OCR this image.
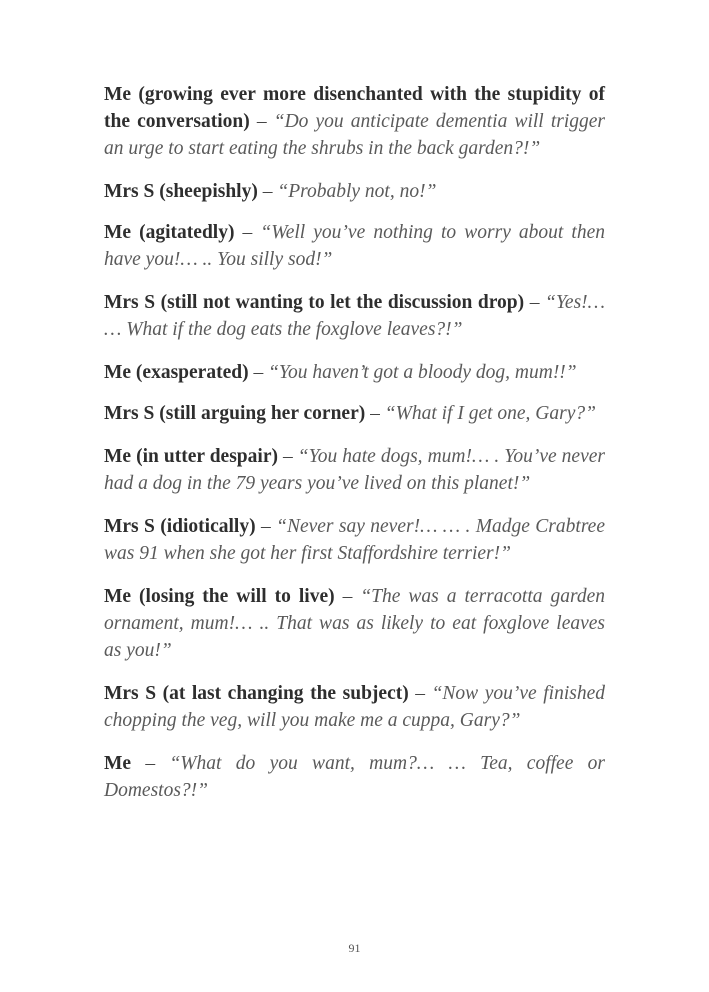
Me (growing ever more disenchanted with the stupidity of the conversation) – “Do you anticipate dementia will trigger an urge to start eating the shrubs in the back garden?!”

Mrs S (sheepishly) – “Probably not, no!”

Me (agitatedly) – “Well you’ve nothing to worry about then have you!… .. You silly sod!”

Mrs S (still not wanting to let the discussion drop) – “Yes!… … What if the dog eats the foxglove leaves?!”

Me (exasperated) – “You haven’t got a bloody dog, mum!!”

Mrs S (still arguing her corner) – “What if I get one, Gary?”

Me (in utter despair) – “You hate dogs, mum!… . You’ve never had a dog in the 79 years you’ve lived on this planet!”

Mrs S (idiotically) – “Never say never!… … . Madge Crabtree was 91 when she got her first Staffordshire terrier!”

Me (losing the will to live) – “The was a terracotta garden ornament, mum!… .. That was as likely to eat foxglove leaves as you!”

Mrs S (at last changing the subject) – “Now you’ve finished chopping the veg, will you make me a cuppa, Gary?”

Me – “What do you want, mum?… … Tea, coffee or Domestos?!”

91
